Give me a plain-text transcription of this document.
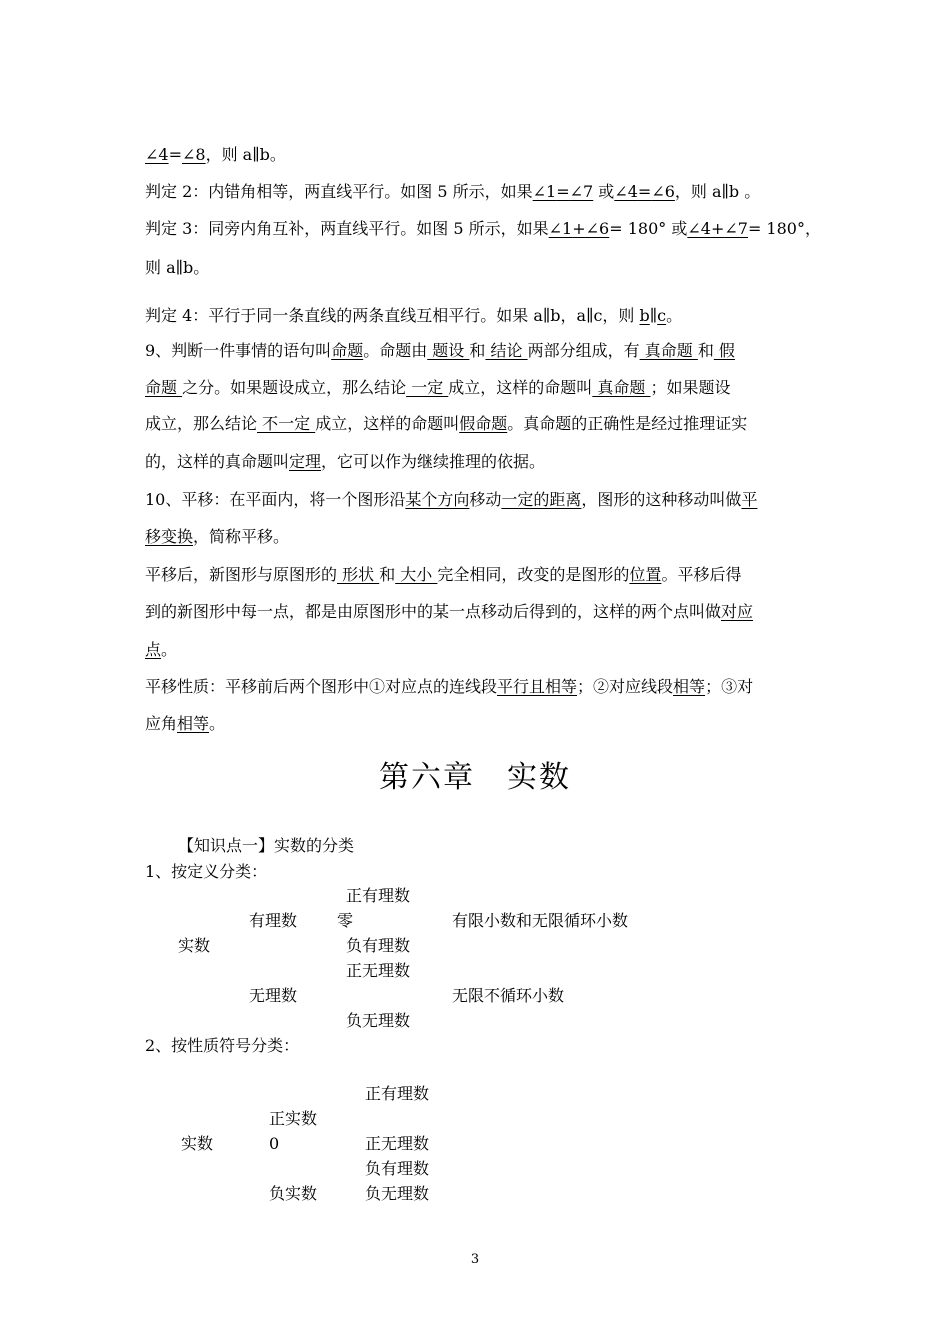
∠4=∠8，则 a∥b。
判定 2：内错角相等，两直线平行。如图 5 所示，如果∠1=∠7 或∠4=∠6，则 a∥b 。
判定 3：同旁内角互补，两直线平行。如图 5 所示，如果∠1+∠6= 180° 或∠4+∠7= 180°，
则 a∥b。
判定 4：平行于同一条直线的两条直线互相平行。如果 a∥b，a∥c，则 b∥c。
9、判断一件事情的语句叫命题。命题由 题设 和 结论 两部分组成，有 真命题 和 假
命题 之分。如果题设成立，那么结论 一定 成立，这样的命题叫 真命题 ；如果题设
成立，那么结论 不一定 成立，这样的命题叫假命题。真命题的正确性是经过推理证实
的，这样的真命题叫定理，它可以作为继续推理的依据。
10、平移：在平面内，将一个图形沿某个方向移动一定的距离，图形的这种移动叫做平
移变换，简称平移。
平移后，新图形与原图形的 形状 和 大小 完全相同，改变的是图形的位置。平移后得
到的新图形中每一点，都是由原图形中的某一点移动后得到的，这样的两个点叫做对应
点。
平移性质：平移前后两个图形中①对应点的连线段平行且相等；②对应线段相等；③对
应角相等。
第六章　实数
【知识点一】实数的分类
1、按定义分类：
正有理数
有理数 零	有限小数和无限循环小数
实数	负有理数
正无理数
无理数	无限不循环小数
负无理数
2、按性质符号分类：
正有理数
正实数
实数	0	正无理数
负有理数
负实数	负无理数
3
